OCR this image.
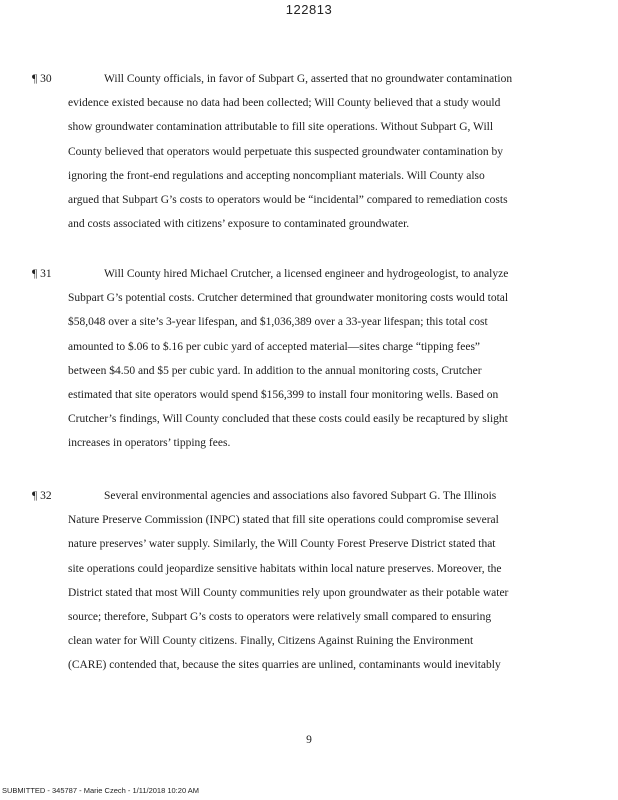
122813
¶ 30	Will County officials, in favor of Subpart G, asserted that no groundwater contamination
evidence existed because no data had been collected; Will County believed that a study would
show groundwater contamination attributable to fill site operations. Without Subpart G, Will
County believed that operators would perpetuate this suspected groundwater contamination by
ignoring the front-end regulations and accepting noncompliant materials. Will County also
argued that Subpart G’s costs to operators would be “incidental” compared to remediation costs
and costs associated with citizens’ exposure to contaminated groundwater.
¶ 31	Will County hired Michael Crutcher, a licensed engineer and hydrogeologist, to analyze
Subpart G’s potential costs. Crutcher determined that groundwater monitoring costs would total
$58,048 over a site’s 3-year lifespan, and $1,036,389 over a 33-year lifespan; this total cost
amounted to $.06 to $.16 per cubic yard of accepted material—sites charge “tipping fees”
between $4.50 and $5 per cubic yard. In addition to the annual monitoring costs, Crutcher
estimated that site operators would spend $156,399 to install four monitoring wells. Based on
Crutcher’s findings, Will County concluded that these costs could easily be recaptured by slight
increases in operators’ tipping fees.
¶ 32	Several environmental agencies and associations also favored Subpart G. The Illinois
Nature Preserve Commission (INPC) stated that fill site operations could compromise several
nature preserves’ water supply. Similarly, the Will County Forest Preserve District stated that
site operations could jeopardize sensitive habitats within local nature preserves. Moreover, the
District stated that most Will County communities rely upon groundwater as their potable water
source; therefore, Subpart G’s costs to operators were relatively small compared to ensuring
clean water for Will County citizens. Finally, Citizens Against Ruining the Environment
(CARE) contended that, because the sites quarries are unlined, contaminants would inevitably
9
SUBMITTED - 345787 - Marie Czech - 1/11/2018 10:20 AM
